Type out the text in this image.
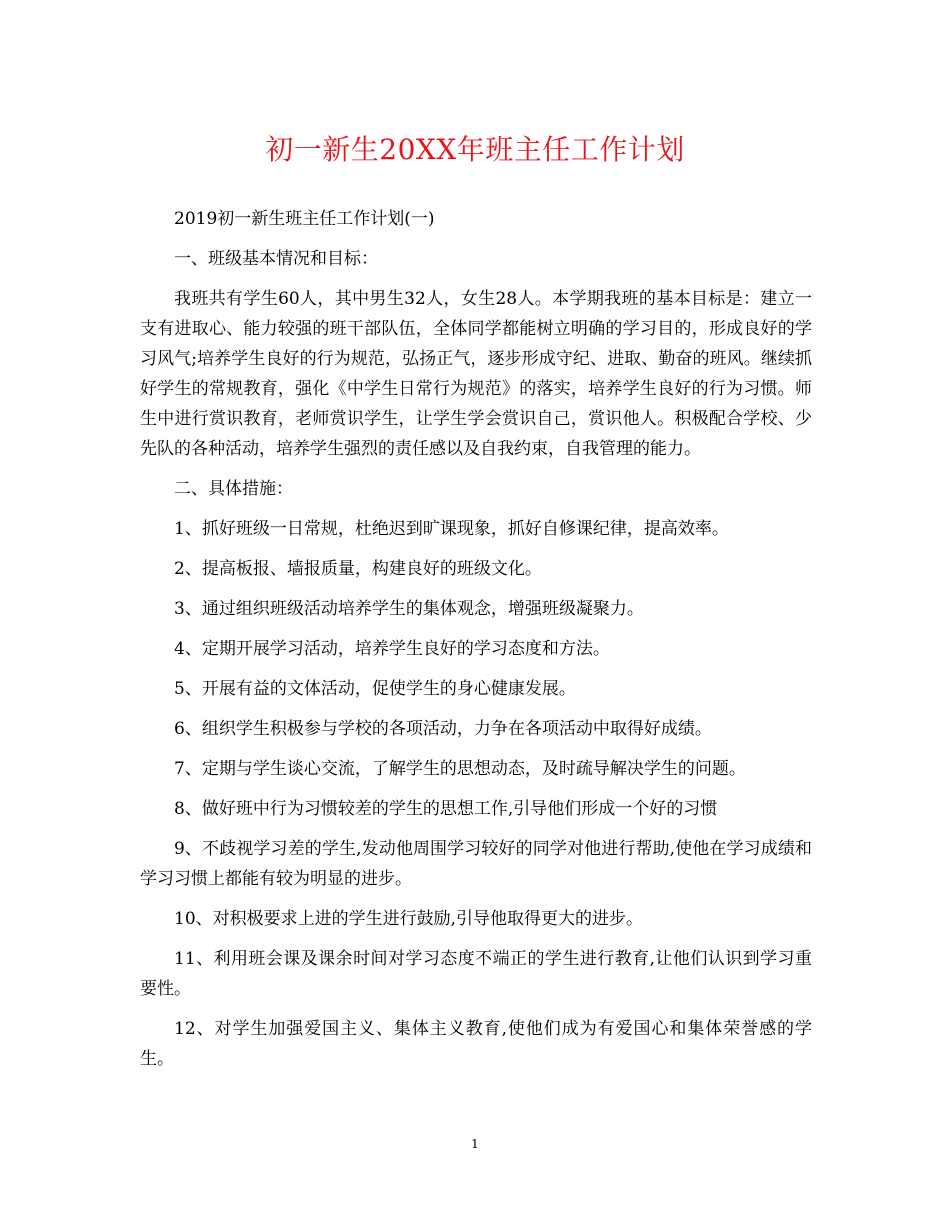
初一新生20XX年班主任工作计划

2019初一新生班主任工作计划(一)

一、班级基本情况和目标：

我班共有学生60人，其中男生32人，女生28人。本学期我班的基本目标是：建立一支有进取心、能力较强的班干部队伍，全体同学都能树立明确的学习目的，形成良好的学习风气;培养学生良好的行为规范，弘扬正气，逐步形成守纪、进取、勤奋的班风。继续抓好学生的常规教育，强化《中学生日常行为规范》的落实，培养学生良好的行为习惯。师生中进行赏识教育，老师赏识学生，让学生学会赏识自己，赏识他人。积极配合学校、少先队的各种活动，培养学生强烈的责任感以及自我约束，自我管理的能力。

二、具体措施：

1、抓好班级一日常规，杜绝迟到旷课现象，抓好自修课纪律，提高效率。

2、提高板报、墙报质量，构建良好的班级文化。

3、通过组织班级活动培养学生的集体观念，增强班级凝聚力。

4、定期开展学习活动，培养学生良好的学习态度和方法。

5、开展有益的文体活动，促使学生的身心健康发展。

6、组织学生积极参与学校的各项活动，力争在各项活动中取得好成绩。

7、定期与学生谈心交流，了解学生的思想动态，及时疏导解决学生的问题。

8、做好班中行为习惯较差的学生的思想工作,引导他们形成一个好的习惯

9、不歧视学习差的学生,发动他周围学习较好的同学对他进行帮助,使他在学习成绩和学习习惯上都能有较为明显的进步。

10、对积极要求上进的学生进行鼓励,引导他取得更大的进步。

11、利用班会课及课余时间对学习态度不端正的学生进行教育,让他们认识到学习重要性。

12、对学生加强爱国主义、集体主义教育,使他们成为有爱国心和集体荣誉感的学生。

1
